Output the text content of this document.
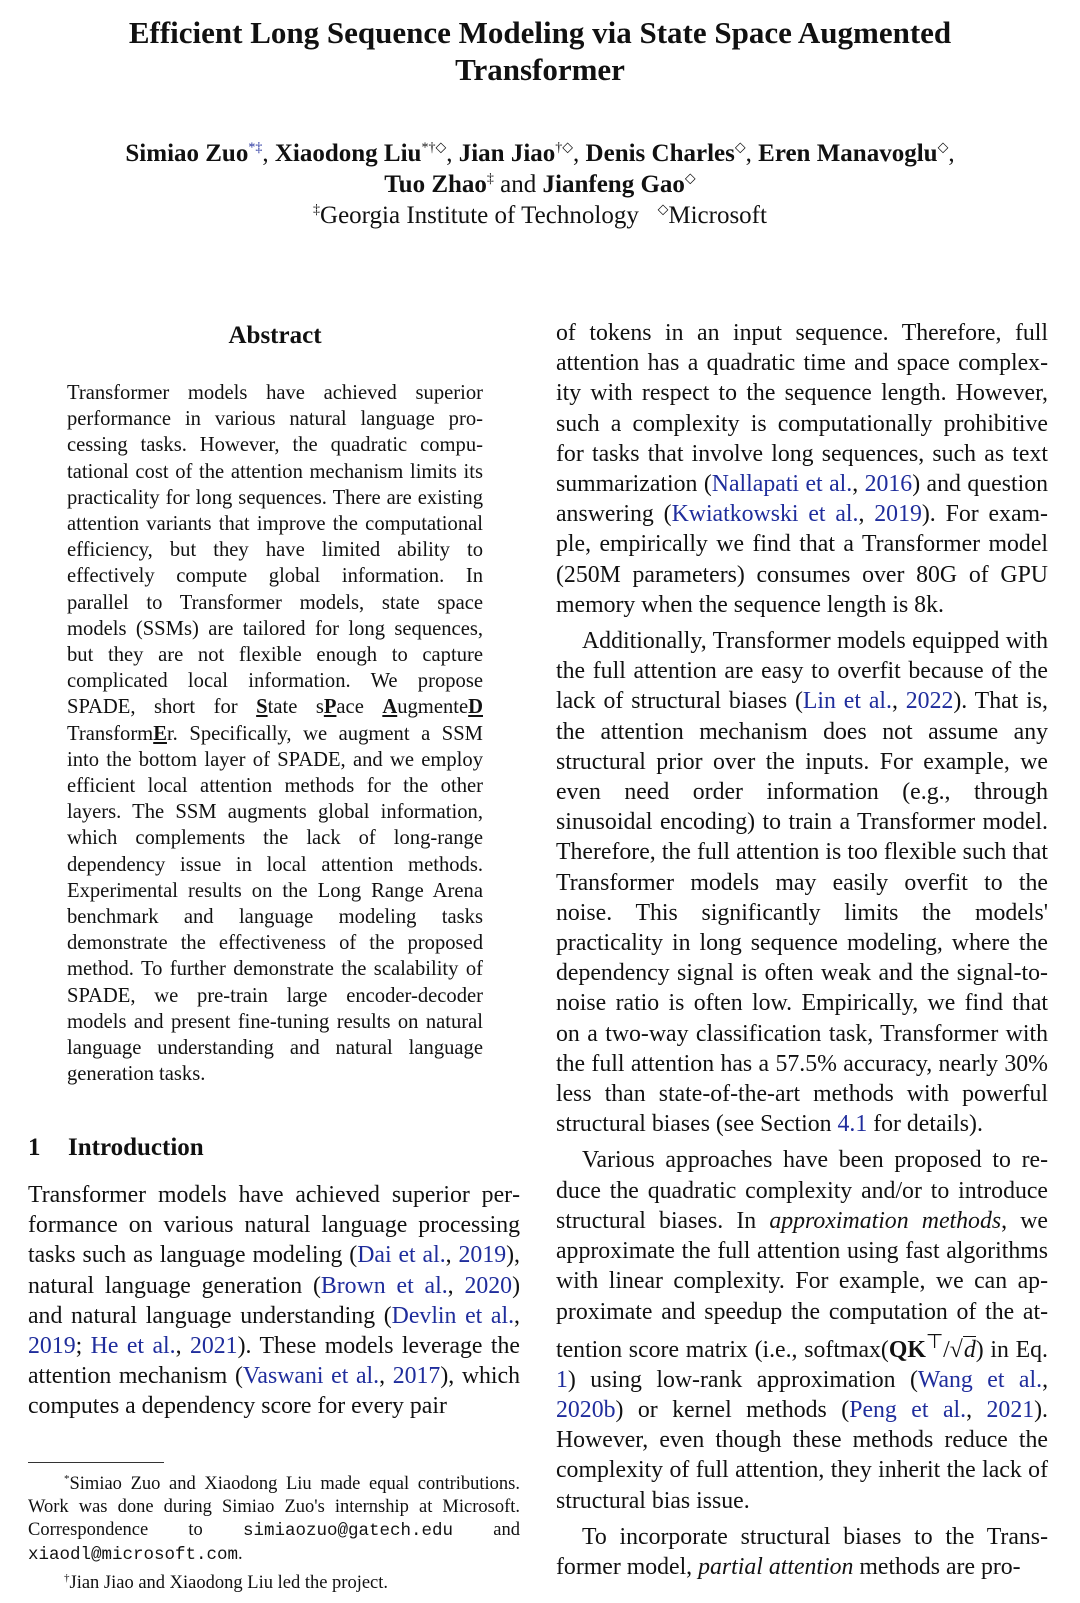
Efficient Long Sequence Modeling via State Space Augmented
Transformer
Simiao Zuo*‡, Xiaodong Liu*†◇, Jian Jiao†◇, Denis Charles◇, Eren Manavoglu◇,
Tuo Zhao‡ and Jianfeng Gao◇
‡Georgia Institute of Technology ◇Microsoft
Abstract

Transformer models have achieved superior performance in various natural language processing tasks. However, the quadratic computational cost of the attention mechanism limits its practicality for long sequences. There are existing attention variants that improve the computational efficiency, but they have limited ability to effectively compute global information. In parallel to Transformer models, state space models (SSMs) are tailored for long sequences, but they are not flexible enough to capture complicated local information. We propose SPADE, short for State sPace AugmenteD TransformEr. Specifically, we augment a SSM into the bottom layer of SPADE, and we employ efficient local attention methods for the other layers. The SSM augments global information, which complements the lack of long-range dependency issue in local attention methods. Experimental results on the Long Range Arena benchmark and language modeling tasks demonstrate the effectiveness of the proposed method. To further demonstrate the scalability of SPADE, we pre-train large encoder-decoder models and present fine-tuning results on natural language understanding and natural language generation tasks.

1 Introduction

Transformer models have achieved superior performance on various natural language processing tasks such as language modeling (Dai et al., 2019), natural language generation (Brown et al., 2020) and natural language understanding (Devlin et al., 2019; He et al., 2021). These models leverage the attention mechanism (Vaswani et al., 2017), which computes a dependency score for every pair

*Simiao Zuo and Xiaodong Liu made equal contributions. Work was done during Simiao Zuo's internship at Microsoft. Correspondence to simiaozuo@gatech.edu and xiaodl@microsoft.com.

†Jian Jiao and Xiaodong Liu led the project.

of tokens in an input sequence. Therefore, full attention has a quadratic time and space complexity with respect to the sequence length. However, such a complexity is computationally prohibitive for tasks that involve long sequences, such as text summarization (Nallapati et al., 2016) and question answering (Kwiatkowski et al., 2019). For example, empirically we find that a Transformer model (250M parameters) consumes over 80G of GPU memory when the sequence length is 8k.

Additionally, Transformer models equipped with the full attention are easy to overfit because of the lack of structural biases (Lin et al., 2022). That is, the attention mechanism does not assume any structural prior over the inputs. For example, we even need order information (e.g., through sinusoidal encoding) to train a Transformer model. Therefore, the full attention is too flexible such that Transformer models may easily overfit to the noise. This significantly limits the models' practicality in long sequence modeling, where the dependency signal is often weak and the signal-to-noise ratio is often low. Empirically, we find that on a two-way classification task, Transformer with the full attention has a 57.5% accuracy, nearly 30% less than state-of-the-art methods with powerful structural biases (see Section 4.1 for details).

Various approaches have been proposed to reduce the quadratic complexity and/or to introduce structural biases. In approximation methods, we approximate the full attention using fast algorithms with linear complexity. For example, we can approximate and speedup the computation of the attention score matrix (i.e., softmax(QK⊤/√d) in Eq. 1) using low-rank approximation (Wang et al., 2020b) or kernel methods (Peng et al., 2021). However, even though these methods reduce the complexity of full attention, they inherit the lack of structural bias issue.

To incorporate structural biases to the Transformer model, partial attention methods are pro-
